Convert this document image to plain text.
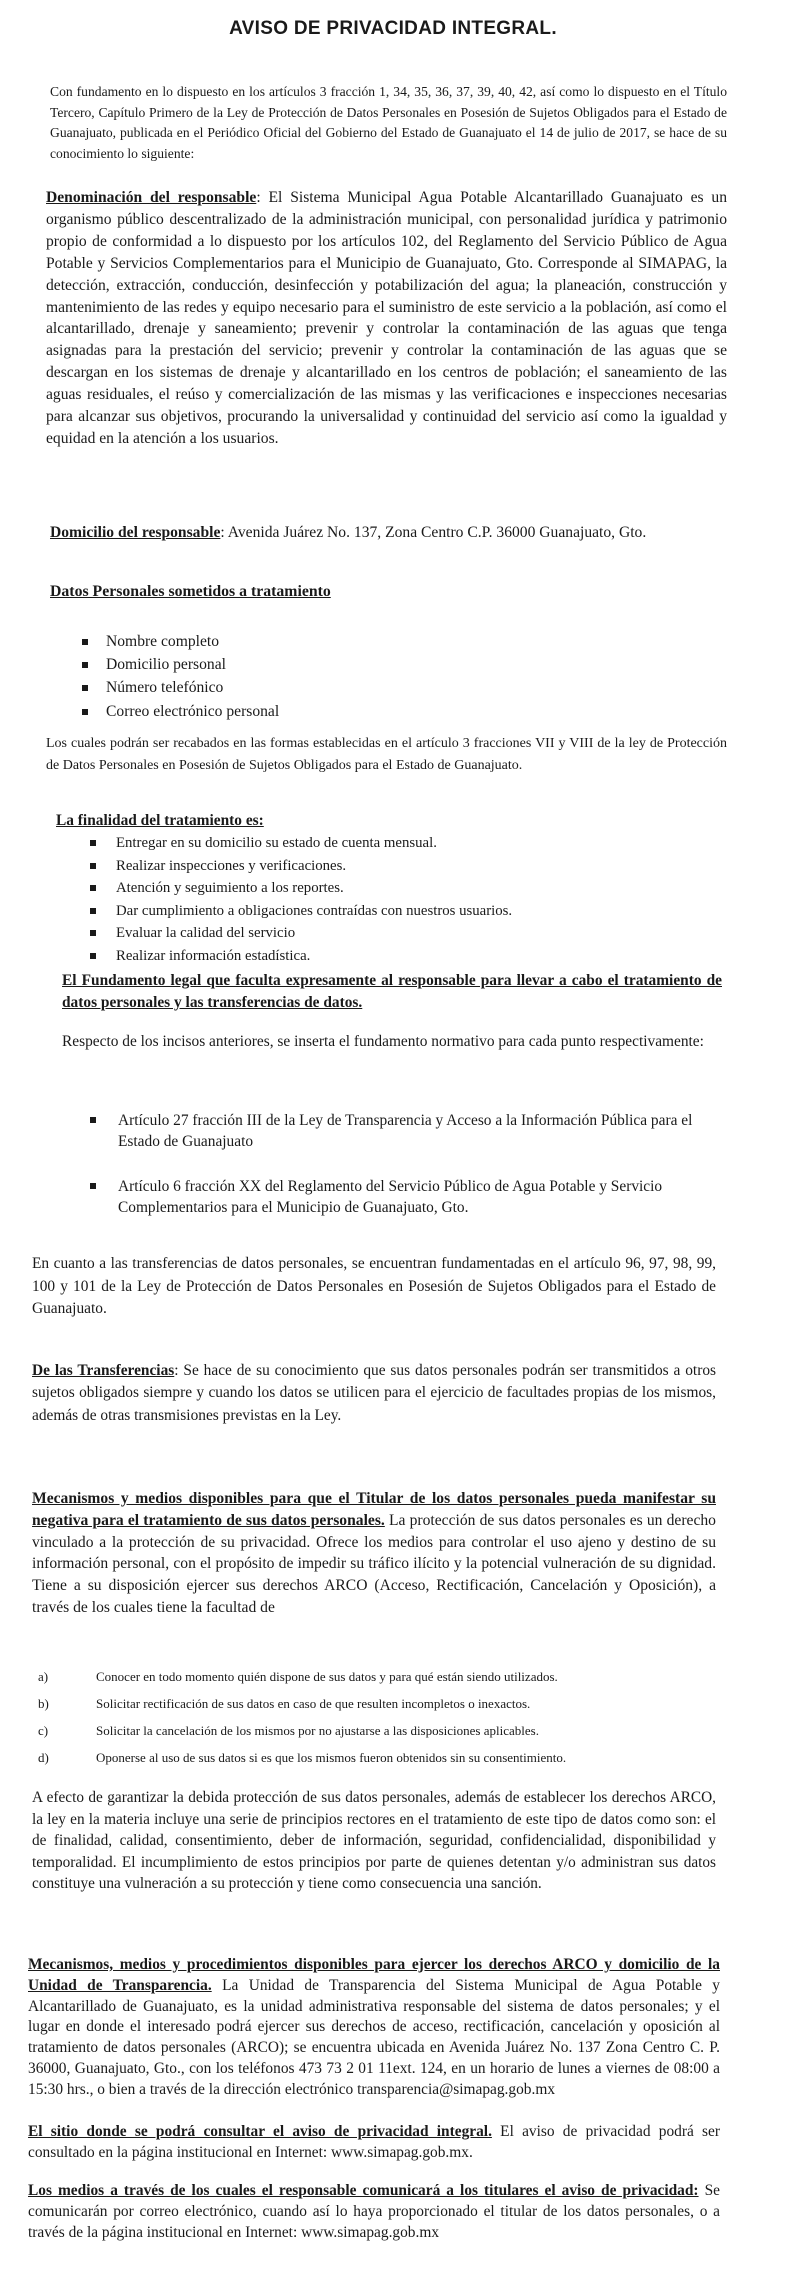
AVISO DE PRIVACIDAD INTEGRAL.
Con fundamento en lo dispuesto en los artículos 3 fracción 1, 34, 35, 36, 37, 39, 40, 42, así como lo dispuesto en el Título Tercero, Capítulo Primero de la Ley de Protección de Datos Personales en Posesión de Sujetos Obligados para el Estado de Guanajuato, publicada en el Periódico Oficial del Gobierno del Estado de Guanajuato el 14 de julio de 2017, se hace de su conocimiento lo siguiente:
Denominación del responsable: El Sistema Municipal Agua Potable Alcantarillado Guanajuato es un organismo público descentralizado de la administración municipal, con personalidad jurídica y patrimonio propio de conformidad a lo dispuesto por los artículos 102, del Reglamento del Servicio Público de Agua Potable y Servicios Complementarios para el Municipio de Guanajuato, Gto. Corresponde al SIMAPAG, la detección, extracción, conducción, desinfección y potabilización del agua; la planeación, construcción y mantenimiento de las redes y equipo necesario para el suministro de este servicio a la población, así como el alcantarillado, drenaje y saneamiento; prevenir y controlar la contaminación de las aguas que tenga asignadas para la prestación del servicio; prevenir y controlar la contaminación de las aguas que se descargan en los sistemas de drenaje y alcantarillado en los centros de población; el saneamiento de las aguas residuales, el reúso y comercialización de las mismas y las verificaciones e inspecciones necesarias para alcanzar sus objetivos, procurando la universalidad y continuidad del servicio así como la igualdad y equidad en la atención a los usuarios.
Domicilio del responsable: Avenida Juárez No. 137, Zona Centro C.P. 36000 Guanajuato, Gto.
Datos Personales sometidos a tratamiento
Nombre completo
Domicilio personal
Número telefónico
Correo electrónico personal
Los cuales podrán ser recabados en las formas establecidas en el artículo 3 fracciones VII y VIII de la ley de Protección de Datos Personales en Posesión de Sujetos Obligados para el Estado de Guanajuato.
La finalidad del tratamiento es:
Entregar en su domicilio su estado de cuenta mensual.
Realizar inspecciones y verificaciones.
Atención y seguimiento a los reportes.
Dar cumplimiento a obligaciones contraídas con nuestros usuarios.
Evaluar la calidad del servicio
Realizar información estadística.
El Fundamento legal que faculta expresamente al responsable para llevar a cabo el tratamiento de datos personales y las transferencias de datos.
Respecto de los incisos anteriores, se inserta el fundamento normativo para cada punto respectivamente:
Artículo 27 fracción III de la Ley de Transparencia y Acceso a la Información Pública para el Estado de Guanajuato
Artículo 6 fracción XX del Reglamento del Servicio Público de Agua Potable y Servicio Complementarios para el Municipio de Guanajuato, Gto.
En cuanto a las transferencias de datos personales, se encuentran fundamentadas en el artículo 96, 97, 98, 99, 100 y 101 de la Ley de Protección de Datos Personales en Posesión de Sujetos Obligados para el Estado de Guanajuato.
De las Transferencias: Se hace de su conocimiento que sus datos personales podrán ser transmitidos a otros sujetos obligados siempre y cuando los datos se utilicen para el ejercicio de facultades propias de los mismos, además de otras transmisiones previstas en la Ley.
Mecanismos y medios disponibles para que el Titular de los datos personales pueda manifestar su negativa para el tratamiento de sus datos personales. La protección de sus datos personales es un derecho vinculado a la protección de su privacidad. Ofrece los medios para controlar el uso ajeno y destino de su información personal, con el propósito de impedir su tráfico ilícito y la potencial vulneración de su dignidad. Tiene a su disposición ejercer sus derechos ARCO (Acceso, Rectificación, Cancelación y Oposición), a través de los cuales tiene la facultad de
a)	Conocer en todo momento quién dispone de sus datos y para qué están siendo utilizados.
b)	Solicitar rectificación de sus datos en caso de que resulten incompletos o inexactos.
c)	Solicitar la cancelación de los mismos por no ajustarse a las disposiciones aplicables.
d)	Oponerse al uso de sus datos si es que los mismos fueron obtenidos sin su consentimiento.
A efecto de garantizar la debida protección de sus datos personales, además de establecer los derechos ARCO, la ley en la materia incluye una serie de principios rectores en el tratamiento de este tipo de datos como son: el de finalidad, calidad, consentimiento, deber de información, seguridad, confidencialidad, disponibilidad y temporalidad. El incumplimiento de estos principios por parte de quienes detentan y/o administran sus datos constituye una vulneración a su protección y tiene como consecuencia una sanción.
Mecanismos, medios y procedimientos disponibles para ejercer los derechos ARCO y domicilio de la Unidad de Transparencia. La Unidad de Transparencia del Sistema Municipal de Agua Potable y Alcantarillado de Guanajuato, es la unidad administrativa responsable del sistema de datos personales; y el lugar en donde el interesado podrá ejercer sus derechos de acceso, rectificación, cancelación y oposición al tratamiento de datos personales (ARCO); se encuentra ubicada en Avenida Juárez No. 137 Zona Centro C. P. 36000, Guanajuato, Gto., con los teléfonos 473 73 2 01 11ext. 124, en un horario de lunes a viernes de 08:00 a 15:30 hrs., o bien a través de la dirección electrónico transparencia@simapag.gob.mx
El sitio donde se podrá consultar el aviso de privacidad integral. El aviso de privacidad podrá ser consultado en la página institucional en Internet: www.simapag.gob.mx.
Los medios a través de los cuales el responsable comunicará a los titulares el aviso de privacidad: Se comunicarán por correo electrónico, cuando así lo haya proporcionado el titular de los datos personales, o a través de la página institucional en Internet: www.simapag.gob.mx
